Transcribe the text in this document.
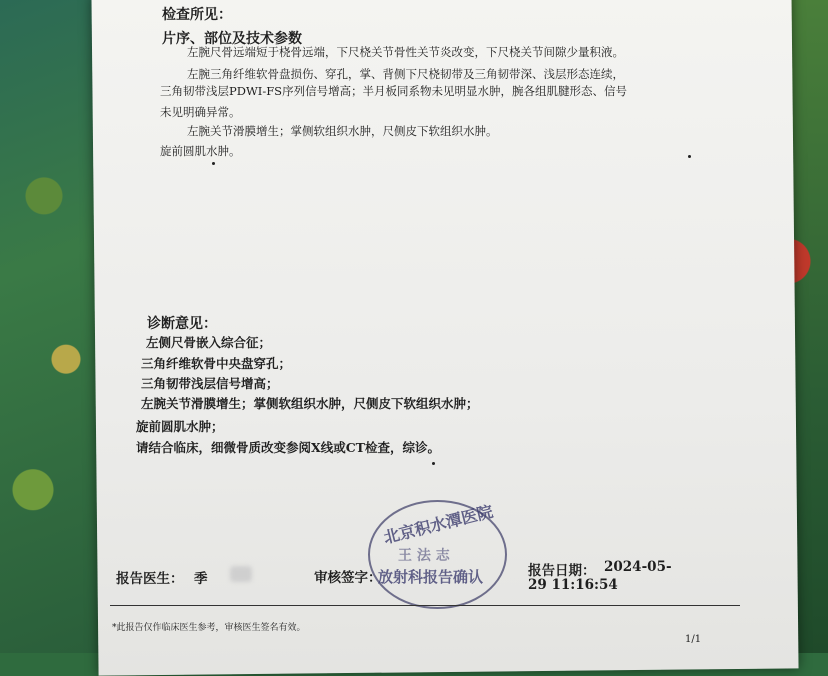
检查所见：
片序、部位及技术参数
左腕尺骨远端短于桡骨远端，下尺桡关节骨性关节炎改变，下尺桡关节间隙少量积液。
左腕三角纤维软骨盘损伤、穿孔，掌、背侧下尺桡韧带及三角韧带深、浅层形态连续，
三角韧带浅层PDWI-FS序列信号增高；半月板同系物未见明显水肿，腕各组肌腱形态、信号
未见明确异常。
左腕关节滑膜增生；掌侧软组织水肿，尺侧皮下软组织水肿。
旋前圆肌水肿。
诊断意见：
左侧尺骨嵌入综合征；
三角纤维软骨中央盘穿孔；
三角韧带浅层信号增高；
左腕关节滑膜增生；掌侧软组织水肿，尺侧皮下软组织水肿；
旋前圆肌水肿；
请结合临床，细微骨质改变参阅X线或CT检查，综诊。
报告医生： 季	审核签字：	报告日期： 2024-05-
29 11:16:54
北京积水潭医院
王 法 志
放射科报告确认
*此报告仅作临床医生参考，审核医生签名有效。
1/1
